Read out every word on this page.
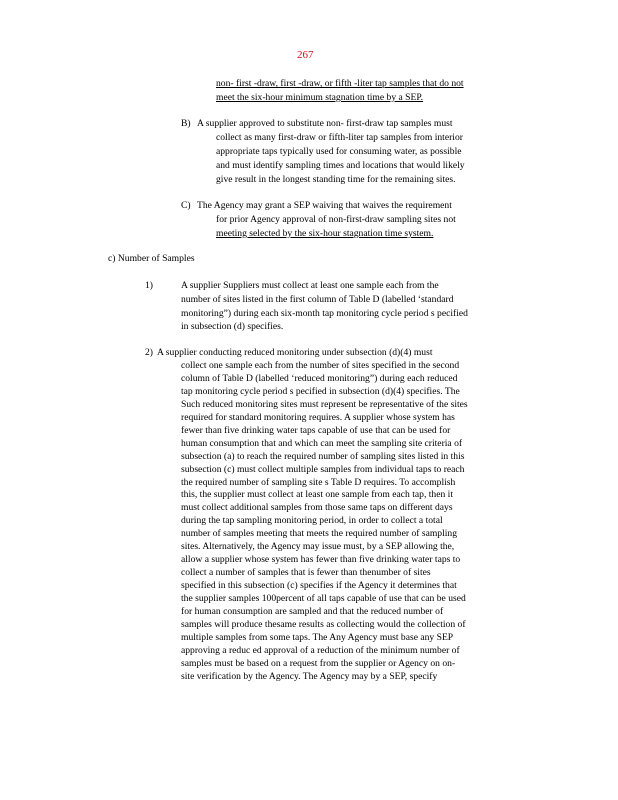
267
non- first -draw, first -draw, or fifth -liter tap samples that do not
meet the six-hour minimum stagnation time by a SEP.
B) A supplier approved to substitute non- first-draw tap samples must
collect as many first-draw or fifth-liter tap samples from interior
appropriate taps typically used for consuming water, as possible
and must identify sampling times and locations that would likely
give result in the longest standing time for the remaining sites.
C) The Agency may grant a SEP waiving that waives the requirement
for prior Agency approval of non-first-draw sampling sites not
meeting selected by the six-hour stagnation time system.
c) Number of Samples
1)	A supplier Suppliers must collect at least one sample each from the
number of sites listed in the first column of Table D (labelled ‘standard
monitoring”) during each six-month tap monitoring cycle period s pecified
in subsection (d) specifies.
2) A supplier conducting reduced monitoring under subsection (d)(4) must
collect one sample each from the number of sites specified in the second
column of Table D (labelled ‘reduced monitoring”) during each reduced
tap monitoring cycle period s pecified in subsection (d)(4) specifies. The
Such reduced monitoring sites must represent be representative of the sites
required for standard monitoring requires. A supplier whose system has
fewer than five drinking water taps capable of use that can be used for
human consumption that and which can meet the sampling site criteria of
subsection (a) to reach the required number of sampling sites listed in this
subsection (c) must collect multiple samples from individual taps to reach
the required number of sampling site s Table D requires. To accomplish
this, the supplier must collect at least one sample from each tap, then it
must collect additional samples from those same taps on different days
during the tap sampling monitoring period, in order to collect a total
number of samples meeting that meets the required number of sampling
sites. Alternatively, the Agency may issue must, by a SEP allowing the,
allow a supplier whose system has fewer than five drinking water taps to
collect a number of samples that is fewer than thenumber of sites
specified in this subsection (c) specifies if the Agency it determines that
the supplier samples 100percent of all taps capable of use that can be used
for human consumption are sampled and that the reduced number of
samples will produce thesame results as collecting would the collection of
multiple samples from some taps. The Any Agency must base any SEP
approving a reduc ed approval of a reduction of the minimum number of
samples must be based on a request from the supplier or Agency on on-
site verification by the Agency. The Agency may by a SEP, specify
